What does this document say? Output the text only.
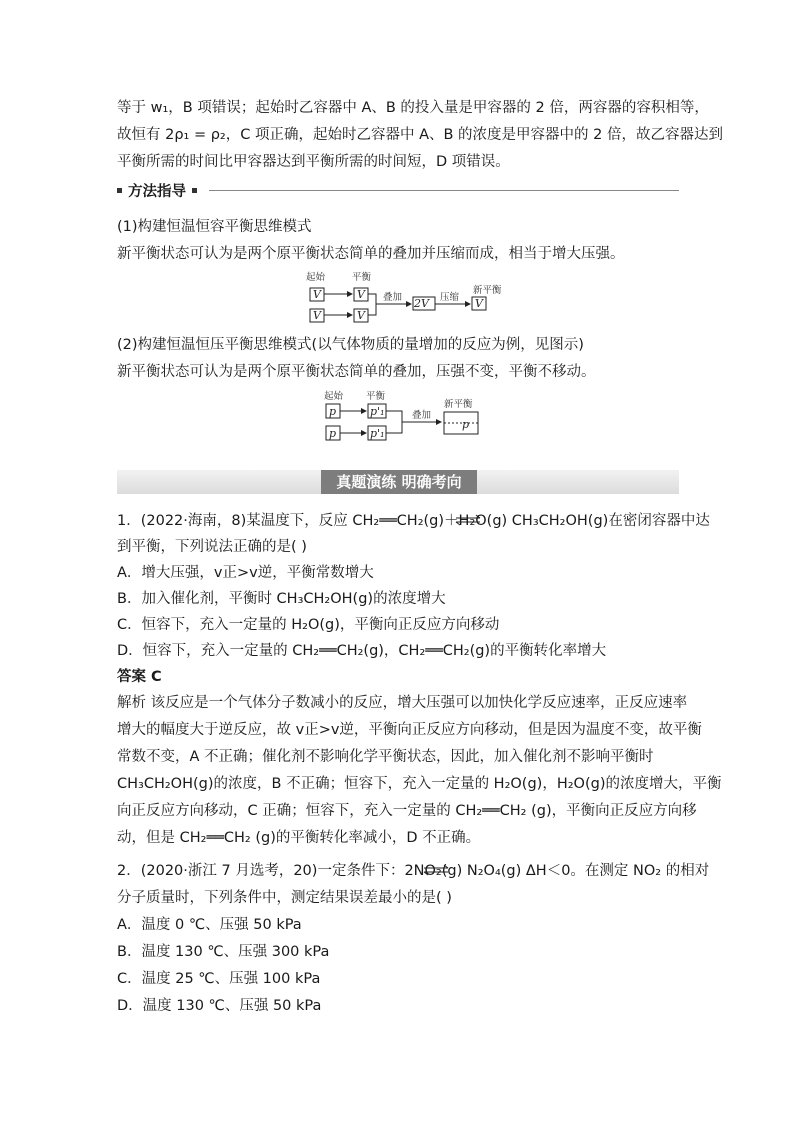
等于 w₁，B 项错误；起始时乙容器中 A、B 的投入量是甲容器的 2 倍，两容器的容积相等，
故恒有 2ρ₁ = ρ₂，C 项正确，起始时乙容器中 A、B 的浓度是甲容器中的 2 倍，故乙容器达到
平衡所需的时间比甲容器达到平衡所需的时间短，D 项错误。
方法指导
(1)构建恒温恒容平衡思维模式
新平衡状态可认为是两个原平衡状态简单的叠加并压缩而成，相当于增大压强。
V
V
V
V
2V	V
起始	平衡
叠加	压缩
新平衡
(2)构建恒温恒压平衡思维模式(以气体物质的量增加的反应为例，见图示)
新平衡状态可认为是两个原平衡状态简单的叠加，压强不变，平衡不移动。
p
p
p'₁
p'₁
p
起始 平衡
叠加
新平衡
真题演练 明确考向
1．(2022·海南，8)某温度下，反应 CH₂══CH₂(g)＋H₂O(g) CH₃CH₂OH(g)在密闭容器中达
到平衡，下列说法正确的是( )
A．增大压强，v正>v逆，平衡常数增大
B．加入催化剂，平衡时 CH₃CH₂OH(g)的浓度增大
C．恒容下，充入一定量的 H₂O(g)，平衡向正反应方向移动
D．恒容下，充入一定量的 CH₂══CH₂(g)，CH₂══CH₂(g)的平衡转化率增大
答案 C
解析 该反应是一个气体分子数减小的反应，增大压强可以加快化学反应速率，正反应速率
增大的幅度大于逆反应，故 v正>v逆，平衡向正反应方向移动，但是因为温度不变，故平衡
常数不变，A 不正确；催化剂不影响化学平衡状态，因此，加入催化剂不影响平衡时
CH₃CH₂OH(g)的浓度，B 不正确；恒容下，充入一定量的 H₂O(g)，H₂O(g)的浓度增大，平衡
向正反应方向移动，C 正确；恒容下，充入一定量的 CH₂══CH₂ (g)，平衡向正反应方向移
动，但是 CH₂══CH₂ (g)的平衡转化率减小，D 不正确。
2．(2020·浙江 7 月选考，20)一定条件下：2NO₂(g) N₂O₄(g) ΔH＜0。在测定 NO₂ 的相对
分子质量时，下列条件中，测定结果误差最小的是( )
A．温度 0 ℃、压强 50 kPa
B．温度 130 ℃、压强 300 kPa
C．温度 25 ℃、压强 100 kPa
D．温度 130 ℃、压强 50 kPa
